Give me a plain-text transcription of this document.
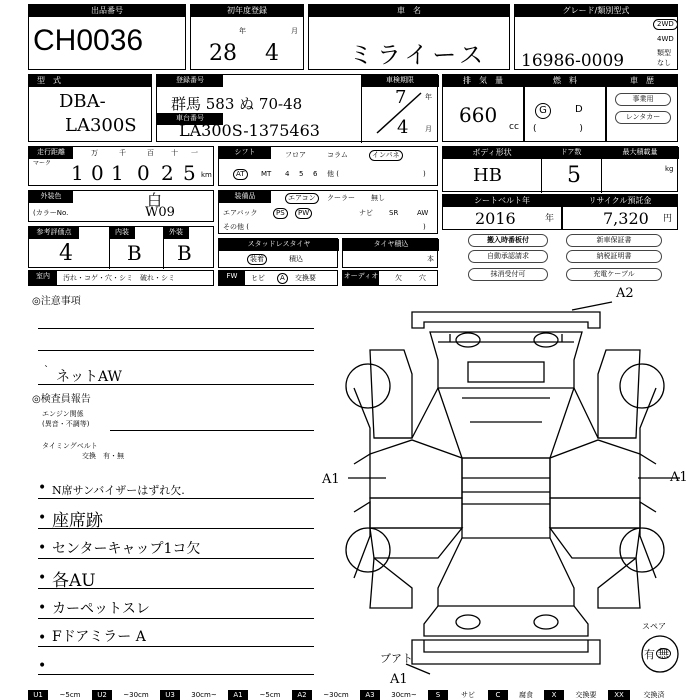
出品番号
CH0036
初年度登録
年	月
28 4
車　名
ミライース
グレード/類別型式
16986-0009
2WD
4WD
類型
なし
型　式
DBA-
LA300S
登録番号
群馬 583 ぬ 70-48
車台番号
LA300S-1375463
車検期限
7	年
4 月
排　気　量
660 cc
燃　料
G	D
(               )
車　歴
事業用
レンタカー
走行距離
マーク
万	千	百 十 一
1 0 1 0 2 5 km
シフト	フロア	コラム	インパネ
AT	MT 4 5 6 他 (	)
ボディ形状	ドア数	最大積載量
HB	5	kg
外装色	白
(カラーNo.	W09
装備品	エアコン	クーラー 無し
エアバック	PS	PW	ナビ SR	AW
その他 (	)
シートベルト年
2016	年
リサイクル預託金
7,320 円
参考評価点	内装	外装
4	B B	スタッドレスタイヤ
装着	積込
タイヤ積込
本
搬入時番板付	新車保証書
自動承認請求	納税証明書
抹消受付可	充電ケーブル
室内	汚れ・コゲ・穴・シミ　破れ・シミ	FW	ヒビ	A	交換要	オーディオ 欠 穴
◎注意事項
ネットAW
`
◎検査員報告
エンジン関係
(異音・不調等)
タイミングベルト
交換　有・無
• N席サンバイザーはずれ欠.
• 座席跡
• センターキャップ1コ欠
• 各AU
• カーペットスレ
• Fドアミラー A
•
A2
A1	A1
ブアト
A1
スペア
有 無
U1	~5cm	U2	~30cm	U3	30cm~	A1	~5cm	A2	~30cm	A3	30cm~	S	サビ	C	腐食	X	交換要	XX	交換済
